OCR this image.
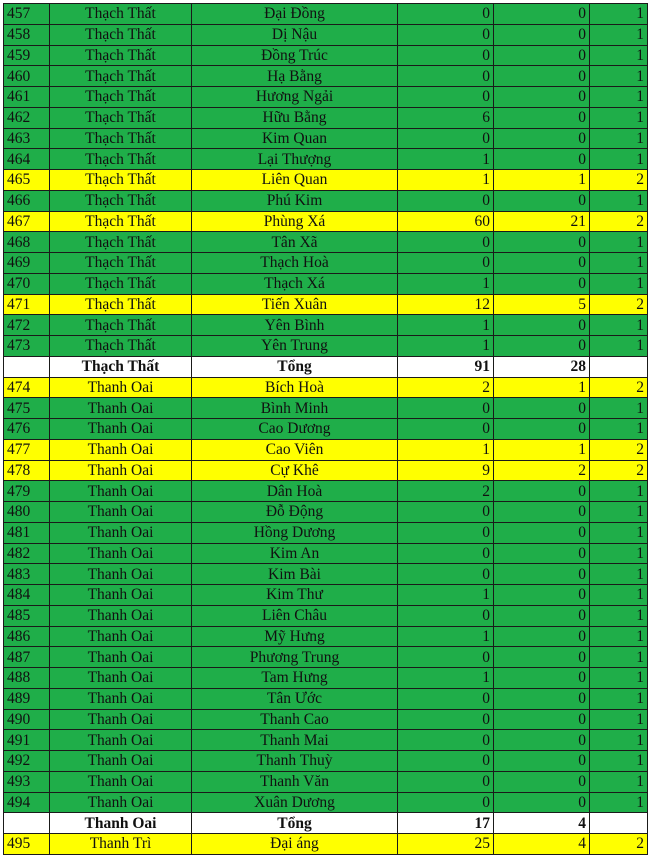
457	Thạch Thất	Đại Đồng	0	0	1
458	Thạch Thất	Dị Nậu	0	0	1
459	Thạch Thất	Đồng Trúc	0	0	1
460	Thạch Thất	Hạ Bằng	0	0	1
461	Thạch Thất	Hương Ngải	0	0	1
462	Thạch Thất	Hữu Bằng	6	0	1
463	Thạch Thất	Kim Quan	0	0	1
464	Thạch Thất	Lại Thượng	1	0	1
465	Thạch Thất	Liên Quan	1	1	2
466	Thạch Thất	Phú Kim	0	0	1
467	Thạch Thất	Phùng Xá	60	21	2
468	Thạch Thất	Tân Xã	0	0	1
469	Thạch Thất	Thạch Hoà	0	0	1
470	Thạch Thất	Thạch Xá	1	0	1
471	Thạch Thất	Tiến Xuân	12	5	2
472	Thạch Thất	Yên Bình	1	0	1
473	Thạch Thất	Yên Trung	1	0	1
	Thạch Thất	Tổng	91	28	
474	Thanh Oai	Bích Hoà	2	1	2
475	Thanh Oai	Bình Minh	0	0	1
476	Thanh Oai	Cao Dương	0	0	1
477	Thanh Oai	Cao Viên	1	1	2
478	Thanh Oai	Cự Khê	9	2	2
479	Thanh Oai	Dân Hoà	2	0	1
480	Thanh Oai	Đỗ Động	0	0	1
481	Thanh Oai	Hồng Dương	0	0	1
482	Thanh Oai	Kim An	0	0	1
483	Thanh Oai	Kim Bài	0	0	1
484	Thanh Oai	Kim Thư	1	0	1
485	Thanh Oai	Liên Châu	0	0	1
486	Thanh Oai	Mỹ Hưng	1	0	1
487	Thanh Oai	Phương Trung	0	0	1
488	Thanh Oai	Tam Hưng	1	0	1
489	Thanh Oai	Tân Ước	0	0	1
490	Thanh Oai	Thanh Cao	0	0	1
491	Thanh Oai	Thanh Mai	0	0	1
492	Thanh Oai	Thanh Thuỳ	0	0	1
493	Thanh Oai	Thanh Văn	0	0	1
494	Thanh Oai	Xuân Dương	0	0	1
	Thanh Oai	Tổng	17	4	
495	Thanh Trì	Đại áng	25	4	2
